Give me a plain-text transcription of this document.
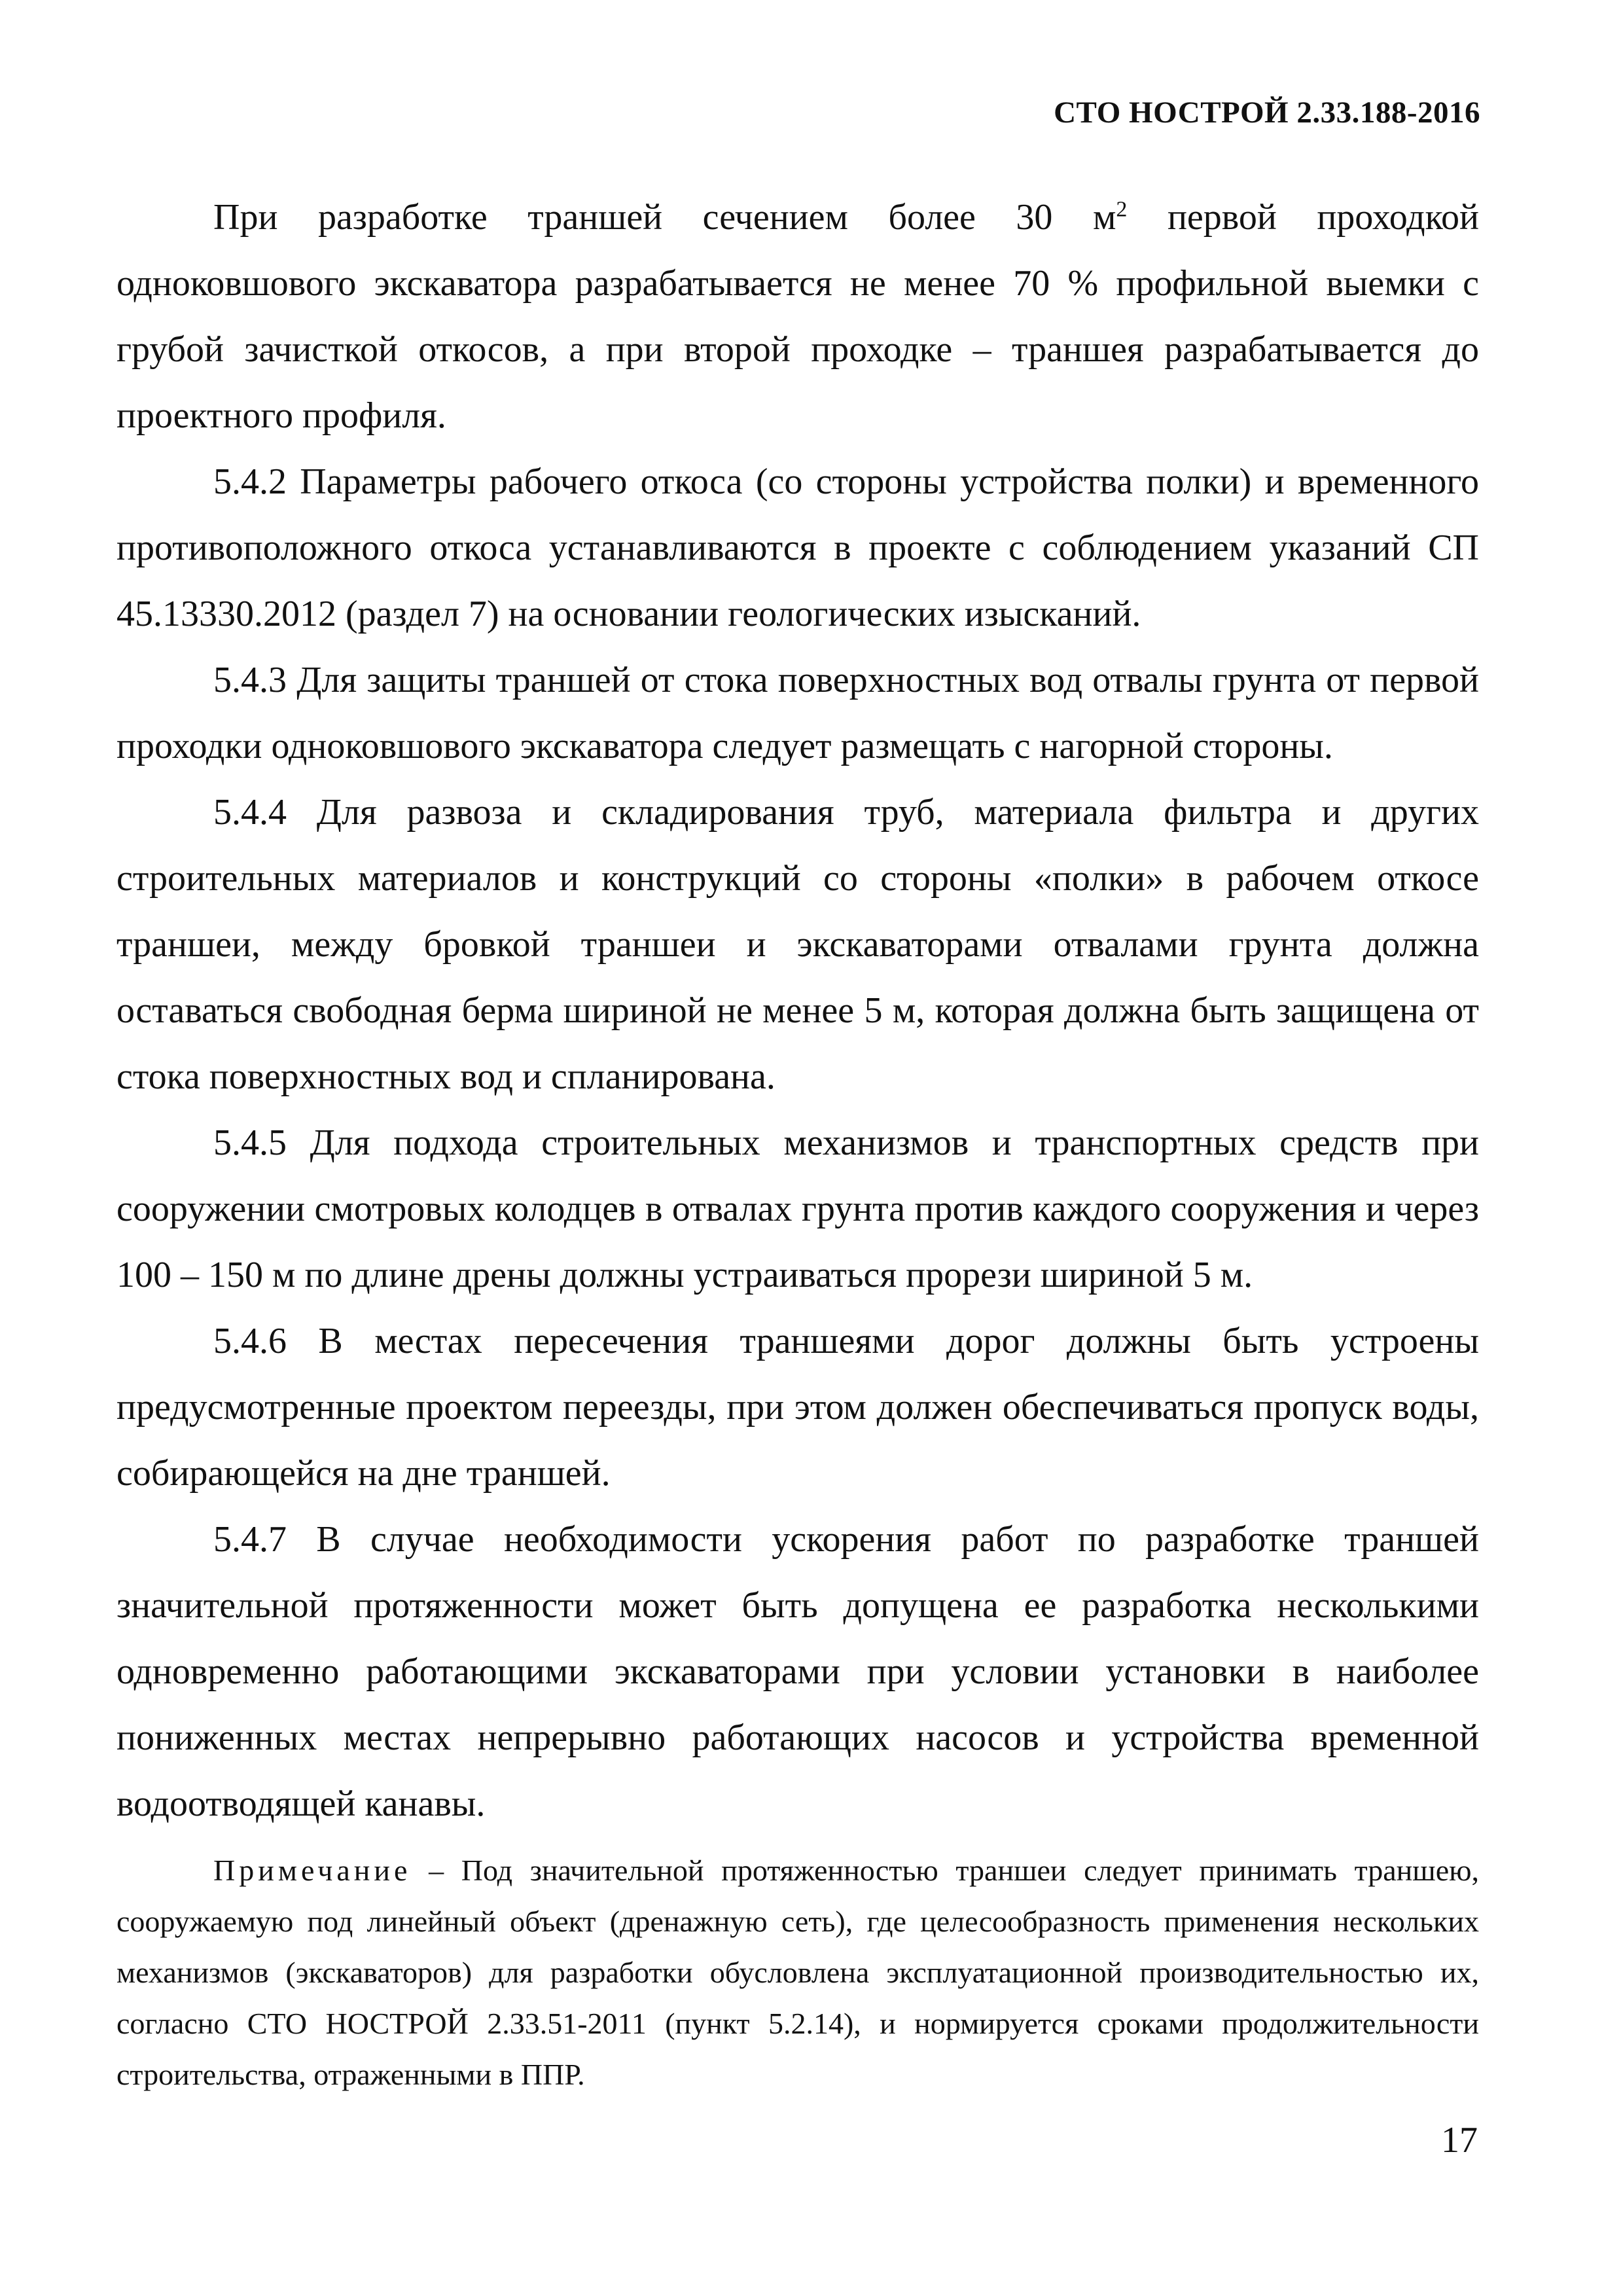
СТО НОСТРОЙ 2.33.188-2016

При разработке траншей сечением более 30 $м^2$ первой проходкой одноковшового экскаватора разрабатывается не менее 70 % профильной выемки с грубой зачисткой откосов, а при второй проходке – траншея разрабатывается до проектного профиля.

5.4.2 Параметры рабочего откоса (со стороны устройства полки) и временного противоположного откоса устанавливаются в проекте с соблюдением указаний СП 45.13330.2012 (раздел 7) на основании геологических изысканий.

5.4.3 Для защиты траншей от стока поверхностных вод отвалы грунта от первой проходки одноковшового экскаватора следует размещать с нагорной стороны.

5.4.4 Для развоза и складирования труб, материала фильтра и других строительных материалов и конструкций со стороны «полки» в рабочем откосе траншеи, между бровкой траншеи и экскаваторами отвалами грунта должна оставаться свободная берма шириной не менее 5 м, которая должна быть защищена от стока поверхностных вод и спланирована.

5.4.5 Для подхода строительных механизмов и транспортных средств при сооружении смотровых колодцев в отвалах грунта против каждого сооружения и через 100 – 150 м по длине дрены должны устраиваться прорези шириной 5 м.

5.4.6 В местах пересечения траншеями дорог должны быть устроены предусмотренные проектом переезды, при этом должен обеспечиваться пропуск воды, собирающейся на дне траншей.

5.4.7 В случае необходимости ускорения работ по разработке траншей значительной протяженности может быть допущена ее разработка несколькими одновременно работающими экскаваторами при условии установки в наиболее пониженных местах непрерывно работающих насосов и устройства временной водоотводящей канавы.

Примечание – Под значительной протяженностью траншеи следует принимать траншею, сооружаемую под линейный объект (дренажную сеть), где целесообразность применения нескольких механизмов (экскаваторов) для разработки обусловлена эксплуатационной производительностью их, согласно СТО НОСТРОЙ 2.33.51-2011 (пункт 5.2.14), и нормируется сроками продолжительности строительства, отраженными в ППР.

17
